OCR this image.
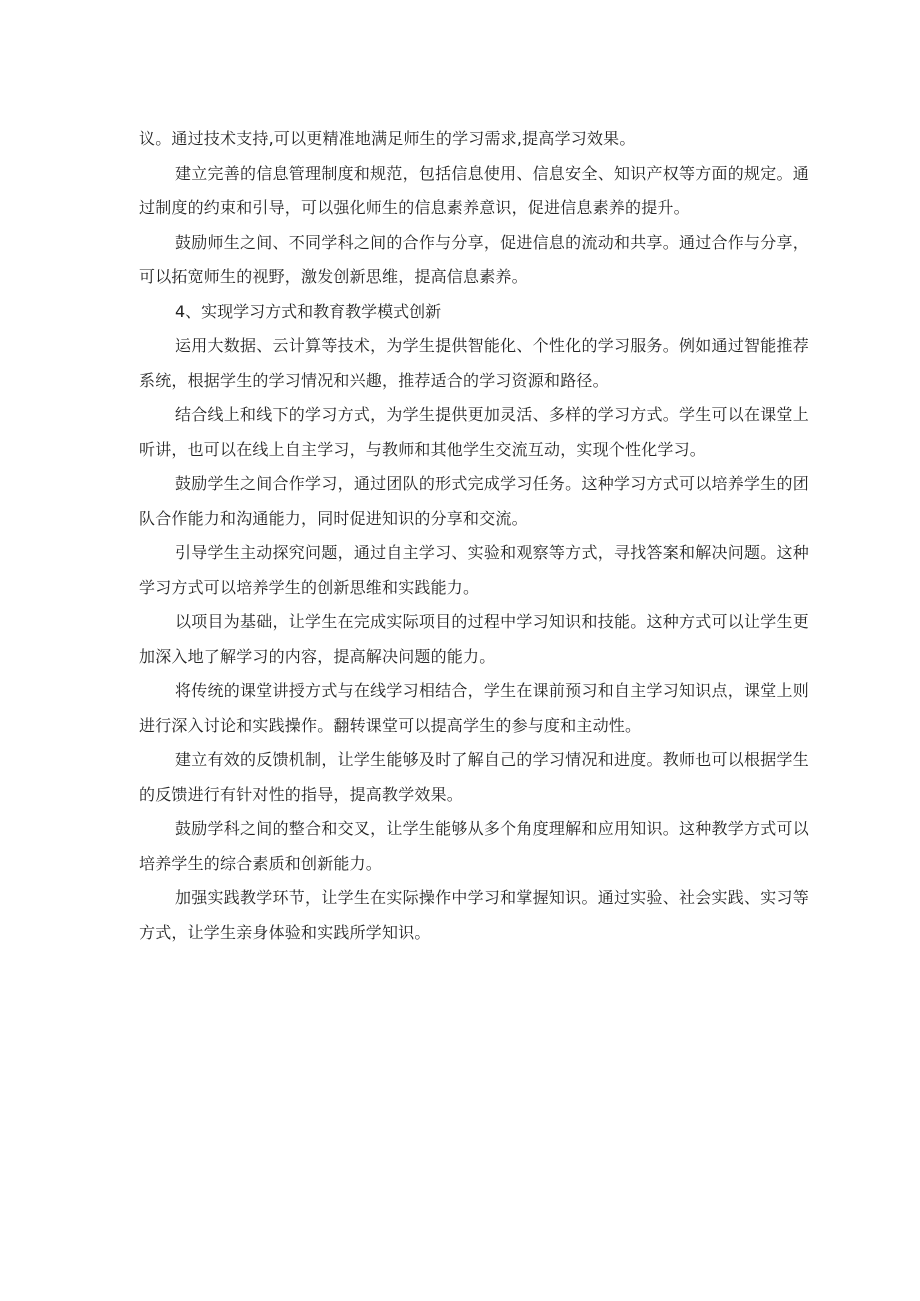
议。通过技术支持,可以更精准地满足师生的学习需求,提高学习效果。

建立完善的信息管理制度和规范，包括信息使用、信息安全、知识产权等方面的规定。通过制度的约束和引导，可以强化师生的信息素养意识，促进信息素养的提升。

鼓励师生之间、不同学科之间的合作与分享，促进信息的流动和共享。通过合作与分享，可以拓宽师生的视野，激发创新思维，提高信息素养。

4、实现学习方式和教育教学模式创新

运用大数据、云计算等技术，为学生提供智能化、个性化的学习服务。例如通过智能推荐系统，根据学生的学习情况和兴趣，推荐适合的学习资源和路径。

结合线上和线下的学习方式，为学生提供更加灵活、多样的学习方式。学生可以在课堂上听讲，也可以在线上自主学习，与教师和其他学生交流互动，实现个性化学习。

鼓励学生之间合作学习，通过团队的形式完成学习任务。这种学习方式可以培养学生的团队合作能力和沟通能力，同时促进知识的分享和交流。

引导学生主动探究问题，通过自主学习、实验和观察等方式，寻找答案和解决问题。这种学习方式可以培养学生的创新思维和实践能力。

以项目为基础，让学生在完成实际项目的过程中学习知识和技能。这种方式可以让学生更加深入地了解学习的内容，提高解决问题的能力。

将传统的课堂讲授方式与在线学习相结合，学生在课前预习和自主学习知识点，课堂上则进行深入讨论和实践操作。翻转课堂可以提高学生的参与度和主动性。

建立有效的反馈机制，让学生能够及时了解自己的学习情况和进度。教师也可以根据学生的反馈进行有针对性的指导，提高教学效果。

鼓励学科之间的整合和交叉，让学生能够从多个角度理解和应用知识。这种教学方式可以培养学生的综合素质和创新能力。

加强实践教学环节，让学生在实际操作中学习和掌握知识。通过实验、社会实践、实习等方式，让学生亲身体验和实践所学知识。
